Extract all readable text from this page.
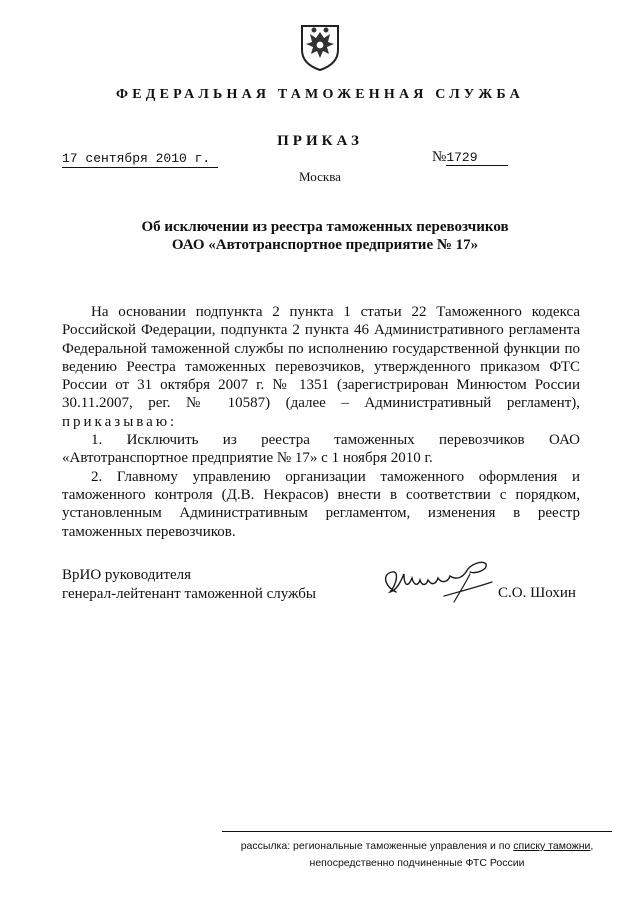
ФЕДЕРАЛЬНАЯ ТАМОЖЕННАЯ СЛУЖБА
ПРИКАЗ
17 сентября 2010 г.	№1729
Москва
Об исключении из реестра таможенных перевозчиков
ОАО «Автотранспортное предприятие № 17»

На основании подпункта 2 пункта 1 статьи 22 Таможенного кодекса Российской Федерации, подпункта 2 пункта 46 Административного регламента Федеральной таможенной службы по исполнению государственной функции по ведению Реестра таможенных перевозчиков, утвержденного приказом ФТС России от 31 октября 2007 г. № 1351 (зарегистрирован Минюстом России 30.11.2007, рег. № 10587) (далее – Административный регламент), приказываю:

1. Исключить из реестра таможенных перевозчиков ОАО «Автотранспортное предприятие № 17» с 1 ноября 2010 г.

2. Главному управлению организации таможенного оформления и таможенного контроля (Д.В. Некрасов) внести в соответствии с порядком, установленным Административным регламентом, изменения в реестр таможенных перевозчиков.

ВрИО руководителя
генерал-лейтенант таможенной службы	С.О. Шохин
рассылка: региональные таможенные управления и по списку таможни,
непосредственно подчиненные ФТС России
